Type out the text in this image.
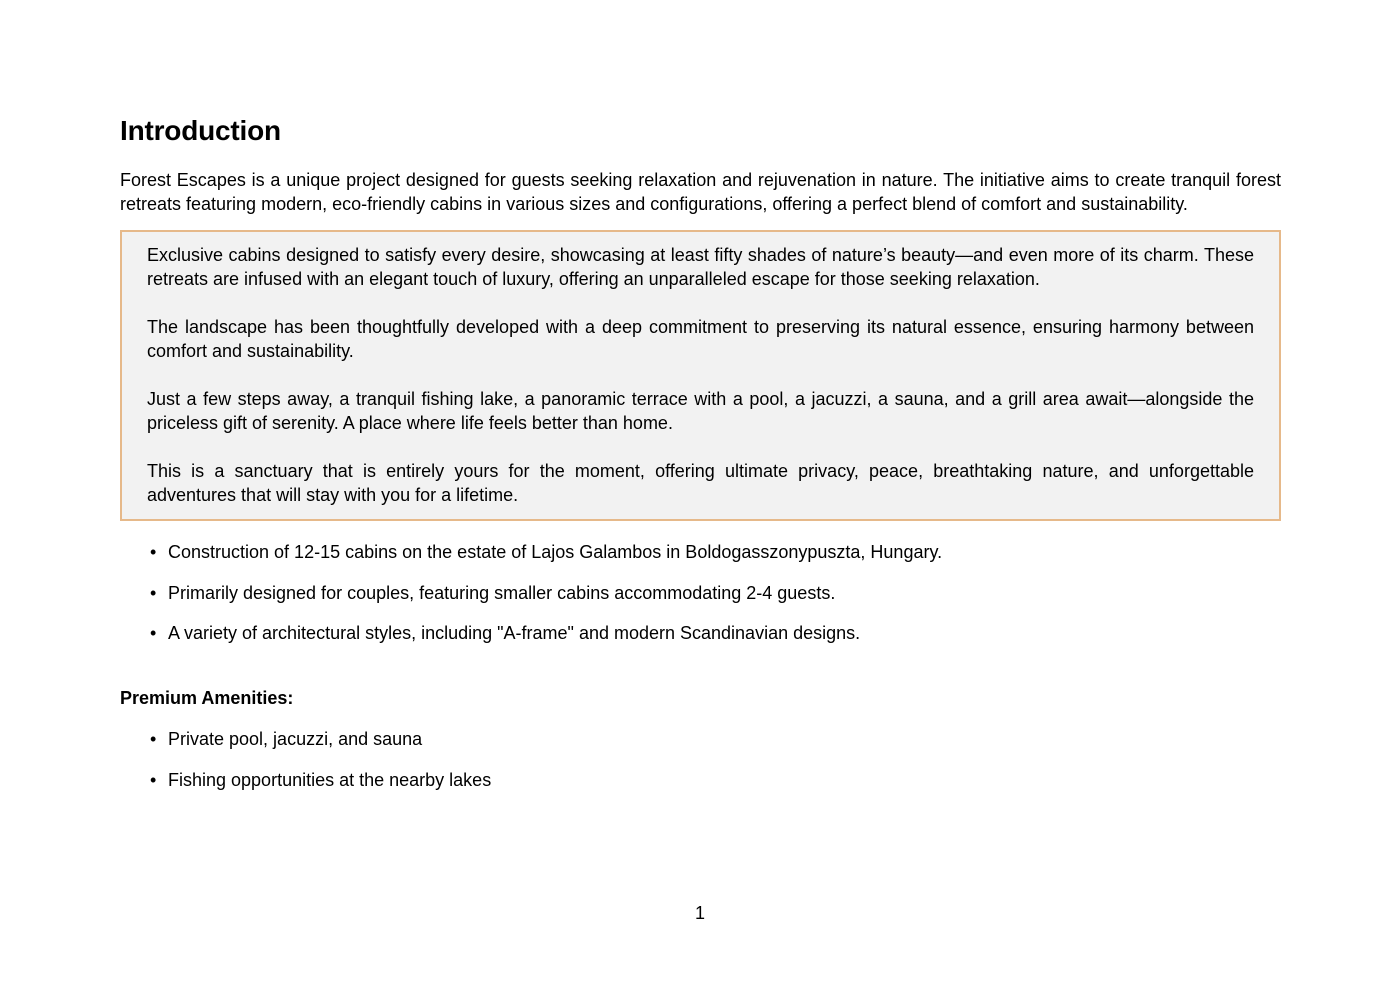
Introduction

Forest Escapes is a unique project designed for guests seeking relaxation and rejuvenation in nature. The initiative aims to create tranquil forest retreats featuring modern, eco-friendly cabins in various sizes and configurations, offering a perfect blend of comfort and sustainability.

Exclusive cabins designed to satisfy every desire, showcasing at least fifty shades of nature’s beauty—and even more of its charm. These retreats are infused with an elegant touch of luxury, offering an unparalleled escape for those seeking relaxation.

The landscape has been thoughtfully developed with a deep commitment to preserving its natural essence, ensuring harmony between comfort and sustainability.

Just a few steps away, a tranquil fishing lake, a panoramic terrace with a pool, a jacuzzi, a sauna, and a grill area await—alongside the priceless gift of serenity. A place where life feels better than home.

This is a sanctuary that is entirely yours for the moment, offering ultimate privacy, peace, breathtaking nature, and unforgettable adventures that will stay with you for a lifetime.

• Construction of 12-15 cabins on the estate of Lajos Galambos in Boldogasszonypuszta, Hungary.
• Primarily designed for couples, featuring smaller cabins accommodating 2-4 guests.
• A variety of architectural styles, including "A-frame" and modern Scandinavian designs.
Premium Amenities:
• Private pool, jacuzzi, and sauna
• Fishing opportunities at the nearby lakes
1
